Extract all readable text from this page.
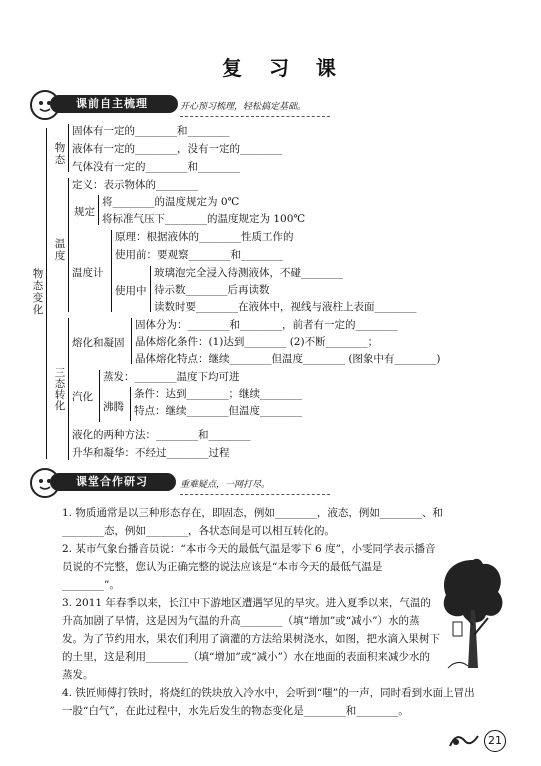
复 习 课
课前自主梳理	开心预习梳理，轻松搞定基础。
物态变化
物态
固体有一定的________和________
液体有一定的________，没有一定的________
气体没有一定的________和________
温度
定义：表示物体的________
规定
将________的温度规定为 0℃
将标准气压下________的温度规定为 100℃
温度计
原理：根据液体的________性质工作的
使用前：要观察________和________
使用中
玻璃泡完全浸入待测液体，不碰________
待示数________后再读数
读数时要________在液体中，视线与液柱上表面________
三态转化
熔化和凝固
固体分为：________和________，前者有一定的________
晶体熔化条件：(1)达到________ (2)不断________；
晶体熔化特点：继续________但温度________ (图象中有________)
汽化
蒸发：________温度下均可进
沸腾
条件：达到________；继续________
特点：继续________但温度________
液化的两种方法：________和________
升华和凝华：不经过________过程
课堂合作研习	重难疑点，一网打尽。
1. 物质通常是以三种形态存在，即固态，例如________，液态，例如________、和________态，例如________，各状态间是可以相互转化的。
2. 某市气象台播音员说：“本市今天的最低气温是零下 6 度”，小雯同学表示播音员说的不完整，您认为正确完整的说法应该是“本市今天的最低气温是________”。
3. 2011 年春季以来，长江中下游地区遭遇罕见的旱灾。进入夏季以来，气温的升高加剧了旱情，这是因为气温的升高________（填“增加”或“减小”）水的蒸发。为了节约用水，果农们利用了滴灌的方法给果树浇水，如图，把水滴入果树下的土里，这是利用________（填“增加”或“减小”）水在地面的表面积来减少水的蒸发。
4. 铁匠师傅打铁时，将烧红的铁块放入冷水中，会听到“嗤”的一声，同时看到水面上冒出一股“白气”，在此过程中，水先后发生的物态变化是________和________。
21
